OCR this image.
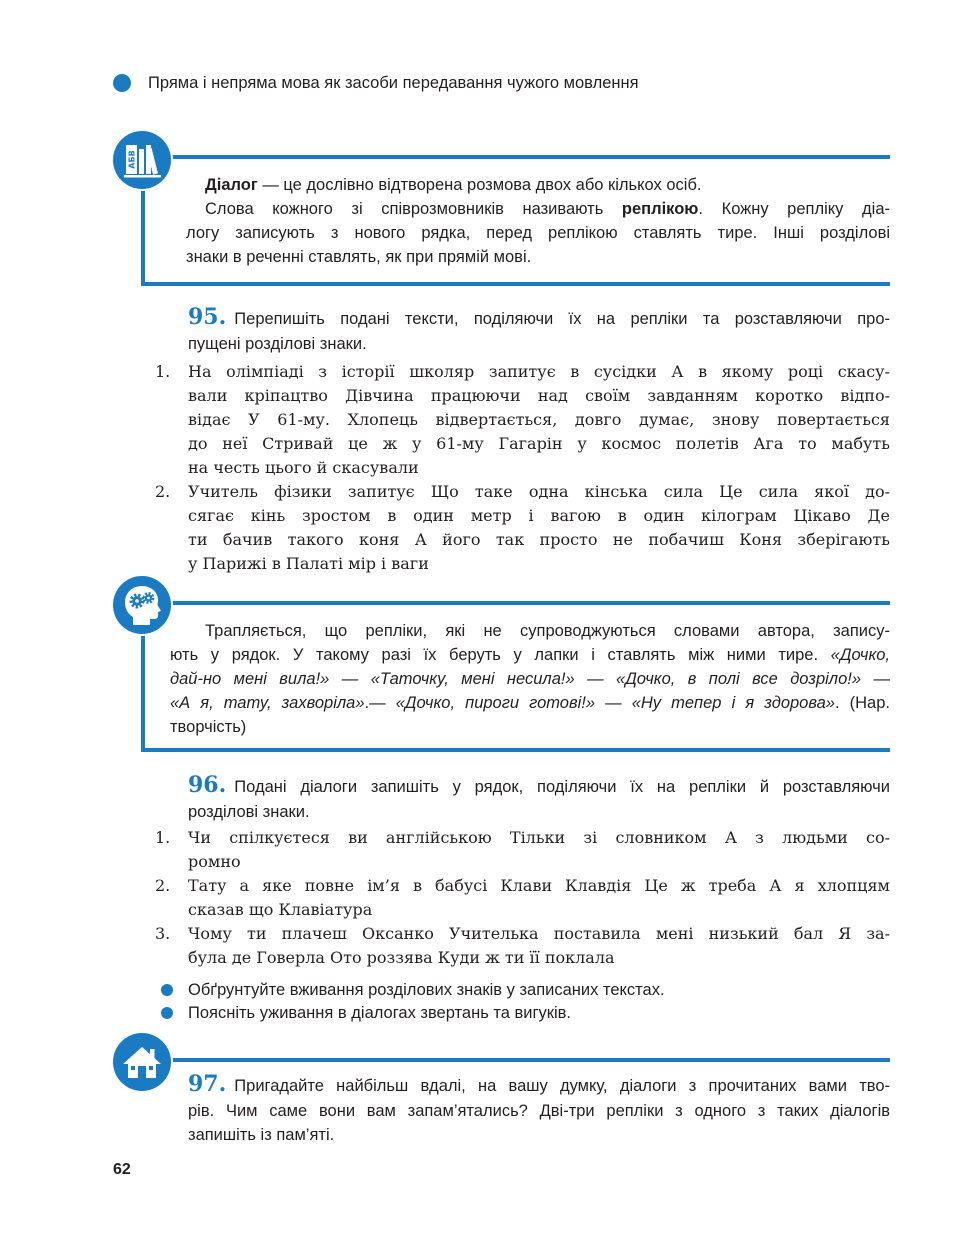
Пряма і непряма мова як засоби передавання чужого мовлення
АБВ
Діалог — це дослівно відтворена розмова двох або кількох осіб.
Слова кожного зі співрозмовників називають реплікою. Кожну репліку діа-
логу записують з нового рядка, перед реплікою ставлять тире. Інші розділові
знаки в реченні ставлять, як при прямій мові.
95. Перепишіть подані тексти, поділяючи їх на репліки та розставляючи про-
пущені розділові знаки.
1. На олімпіаді з історії школяр запитує в сусідки А в якому році скасу-
вали кріпацтво Дівчина працюючи над своїм завданням коротко відпо-
відає У 61-му. Хлопець відвертається, довго думає, знову повертається
до неї Стривай це ж у 61-му Гагарін у космос полетів Ага то мабуть
на честь цього й скасували
2. Учитель фізики запитує Що таке одна кінська сила Це сила якої до-
сягає кінь зростом в один метр і вагою в один кілограм Цікаво Де
ти бачив такого коня А його так просто не побачиш Коня зберігають
у Парижі в Палаті мір і ваги
Трапляється, що репліки, які не супроводжуються словами автора, запису-
ють у рядок. У такому разі їх беруть у лапки і ставлять між ними тире. «Дочко,
дай-но мені вила!» — «Таточку, мені несила!» — «Дочко, в полі все дозріло!» —
«А я, тату, захворіла».— «Дочко, пироги готові!» — «Ну тепер і я здорова». (Нар.
творчість)
96. Подані діалоги запишіть у рядок, поділяючи їх на репліки й розставляючи
розділові знаки.
1. Чи спілкуєтеся ви англійською Тільки зі словником А з людьми со-
ромно
2. Тату а яке повне ім’я в бабусі Клави Клавдія Це ж треба А я хлопцям
сказав що Клавіатура
3. Чому ти плачеш Оксанко Учителька поставила мені низький бал Я за-
була де Говерла Ото роззява Куди ж ти її поклала
Обґрунтуйте вживання розділових знаків у записаних текстах.
Поясніть уживання в діалогах звертань та вигуків.
97. Пригадайте найбільш вдалі, на вашу думку, діалоги з прочитаних вами тво-
рів. Чим саме вони вам запам’ятались? Дві-три репліки з одного з таких діалогів
запишіть із пам’яті.
62
